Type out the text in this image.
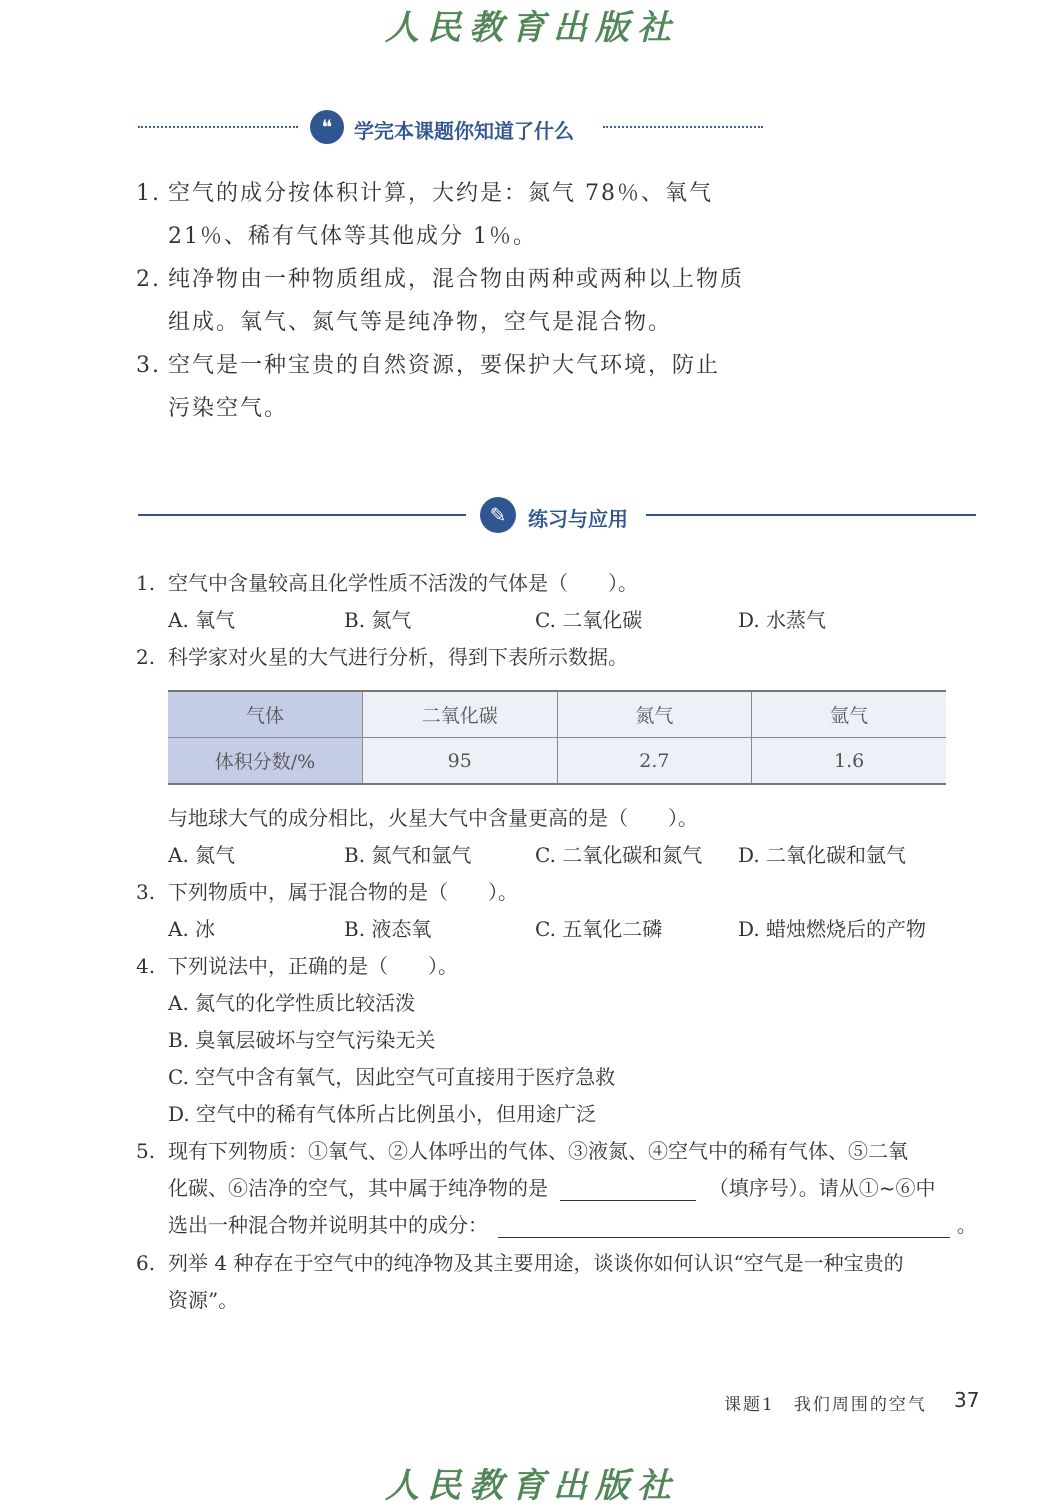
人民教育出版社
❝	学完本课题你知道了什么
1. 空气的成分按体积计算，大约是：氮气 78％、氧气
21％、稀有气体等其他成分 1％。
2. 纯净物由一种物质组成，混合物由两种或两种以上物质
组成。氧气、氮气等是纯净物，空气是混合物。
3. 空气是一种宝贵的自然资源，要保护大气环境，防止
污染空气。
✎	练习与应用
1. 空气中含量较高且化学性质不活泼的气体是（　　）。
A. 氧气	B. 氮气	C. 二氧化碳	D. 水蒸气
2. 科学家对火星的大气进行分析，得到下表所示数据。
气体	二氧化碳	氮气	氩气
体积分数/%	95	2.7	1.6
与地球大气的成分相比，火星大气中含量更高的是（　　）。
A. 氮气	B. 氮气和氩气	C. 二氧化碳和氮气 D. 二氧化碳和氩气
3. 下列物质中，属于混合物的是（　　）。
A. 冰	B. 液态氧	C. 五氧化二磷	D. 蜡烛燃烧后的产物
4. 下列说法中，正确的是（　　）。
A. 氮气的化学性质比较活泼
B. 臭氧层破坏与空气污染无关
C. 空气中含有氧气，因此空气可直接用于医疗急救
D. 空气中的稀有气体所占比例虽小，但用途广泛
5. 现有下列物质：①氧气、②人体呼出的气体、③液氮、④空气中的稀有气体、⑤二氧
化碳、⑥洁净的空气，其中属于纯净物的是	（填序号）。请从①~⑥中
选出一种混合物并说明其中的成分：	。
6. 列举 4 种存在于空气中的纯净物及其主要用途，谈谈你如何认识“空气是一种宝贵的
资源”。
课题1　我们周围的空气 37
人民教育出版社
